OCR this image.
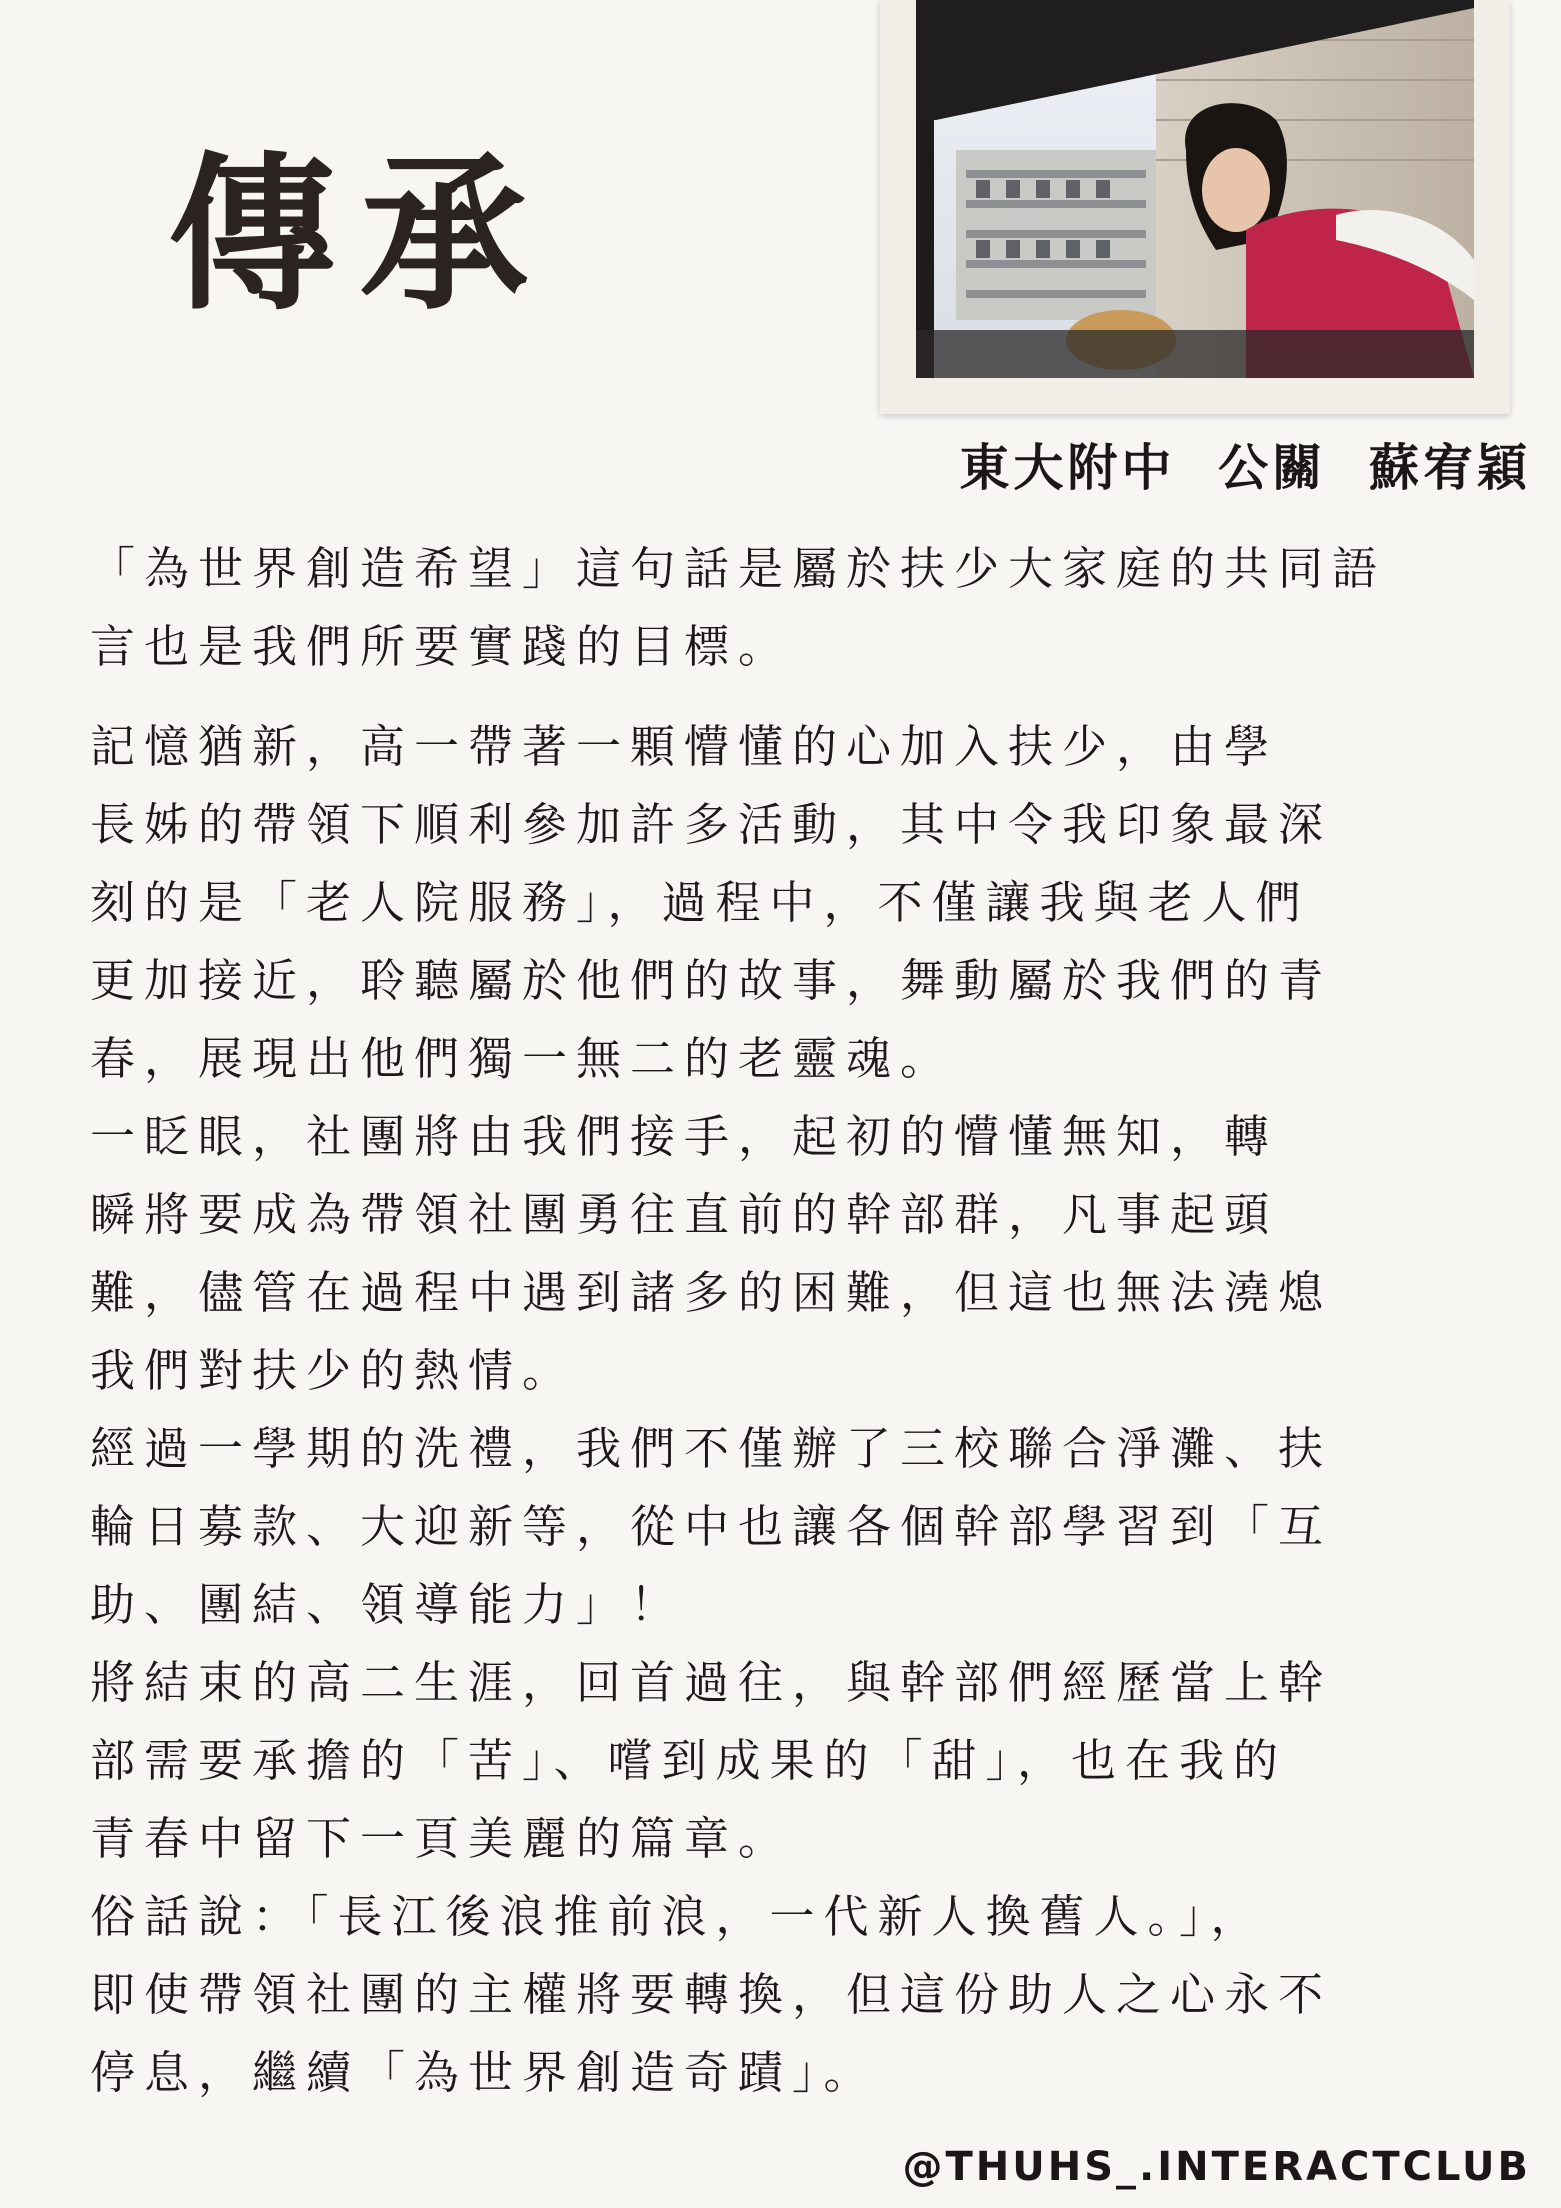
傳承
東大附中  公關  蘇宥穎

「為世界創造希望」這句話是屬於扶少大家庭的共同語
言也是我們所要實踐的目標。

記憶猶新，高一帶著一顆懵懂的心加入扶少，由學
長姊的帶領下順利參加許多活動，其中令我印象最深
刻的是「老人院服務」，過程中，不僅讓我與老人們
更加接近，聆聽屬於他們的故事，舞動屬於我們的青
春，展現出他們獨一無二的老靈魂。

一眨眼，社團將由我們接手，起初的懵懂無知，轉
瞬將要成為帶領社團勇往直前的幹部群，凡事起頭
難，儘管在過程中遇到諸多的困難，但這也無法澆熄
我們對扶少的熱情。

經過一學期的洗禮，我們不僅辦了三校聯合淨灘、扶
輪日募款、大迎新等，從中也讓各個幹部學習到「互
助、團結、領導能力」！

將結束的高二生涯，回首過往，與幹部們經歷當上幹
部需要承擔的「苦」、嚐到成果的「甜」，也在我的
青春中留下一頁美麗的篇章。

俗話說：「長江後浪推前浪，一代新人換舊人。」，
即使帶領社團的主權將要轉換，但這份助人之心永不
停息，繼續「為世界創造奇蹟」。

@THUHS_.INTERACTCLUB
